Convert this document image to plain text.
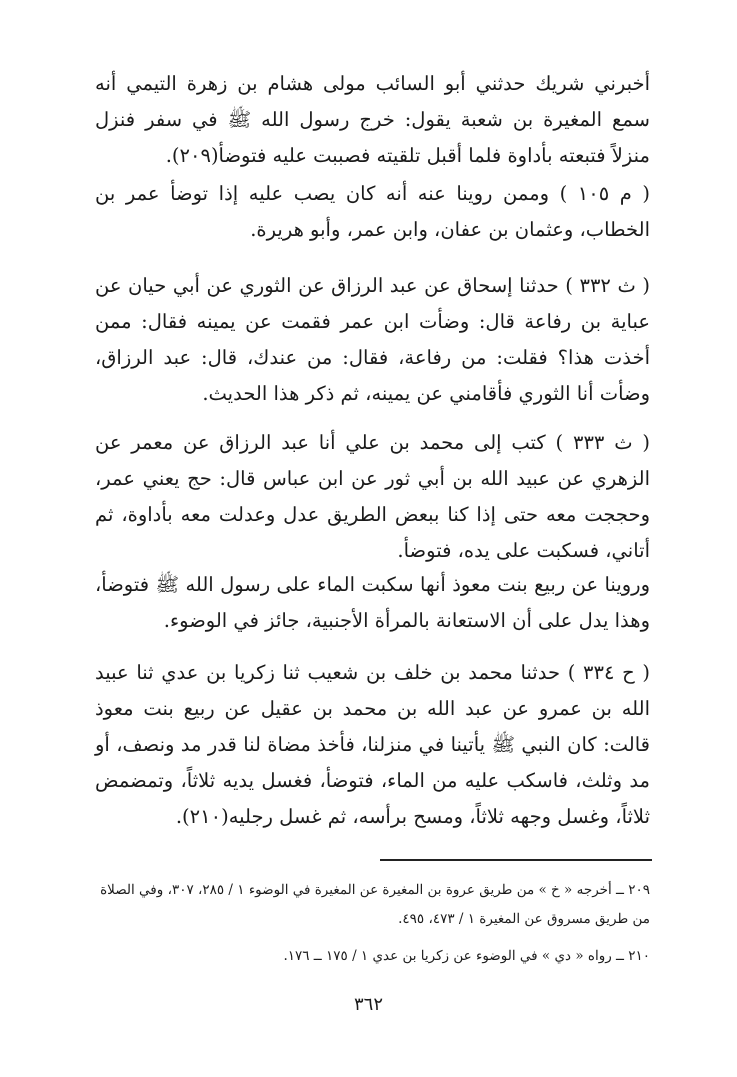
أخبرني شريك حدثني أبو السائب مولى هشام بن زهرة التيمي أنه سمع المغيرة بن شعبة يقول: خرج رسول الله ﷺ في سفر فنزل منزلاً فتبعته بأداوة فلما أقبل تلقيته فصببت عليه فتوضأ(٢٠٩).

( م ١٠٥ ) وممن روينا عنه أنه كان يصب عليه إذا توضأ عمر بن الخطاب، وعثمان بن عفان، وابن عمر، وأبو هريرة.

( ث ٣٣٢ ) حدثنا إسحاق عن عبد الرزاق عن الثوري عن أبي حيان عن عباية بن رفاعة قال: وضأت ابن عمر فقمت عن يمينه فقال: ممن أخذت هذا؟ فقلت: من رفاعة، فقال: من عندك، قال: عبد الرزاق، وضأت أنا الثوري فأقامني عن يمينه، ثم ذكر هذا الحديث.

( ث ٣٣٣ ) كتب إلى محمد بن علي أنا عبد الرزاق عن معمر عن الزهري عن عبيد الله بن أبي ثور عن ابن عباس قال: حج يعني عمر، وحججت معه حتى إذا كنا ببعض الطريق عدل وعدلت معه بأداوة، ثم أتاني، فسكبت على يده، فتوضأ.

وروينا عن ربيع بنت معوذ أنها سكبت الماء على رسول الله ﷺ فتوضأ، وهذا يدل على أن الاستعانة بالمرأة الأجنبية، جائز في الوضوء.

( ح ٣٣٤ ) حدثنا محمد بن خلف بن شعيب ثنا زكريا بن عدي ثنا عبيد الله بن عمرو عن عبد الله بن محمد بن عقيل عن ربيع بنت معوذ قالت: كان النبي ﷺ يأتينا في منزلنا، فأخذ مضاة لنا قدر مد ونصف، أو مد وثلث، فاسكب عليه من الماء، فتوضأ، فغسل يديه ثلاثاً، وتمضمض ثلاثاً، وغسل وجهه ثلاثاً، ومسح برأسه، ثم غسل رجليه(٢١٠).

٢٠٩ ــ أخرجه « خ » من طريق عروة بن المغيرة عن المغيرة في الوضوء ١ / ٢٨٥، ٣٠٧، وفي الصلاة من طريق مسروق عن المغيرة ١ / ٤٧٣، ٤٩٥.

٢١٠ ــ رواه « دي » في الوضوء عن زكريا بن عدي ١ / ١٧٥ ــ ١٧٦.

٣٦٢
